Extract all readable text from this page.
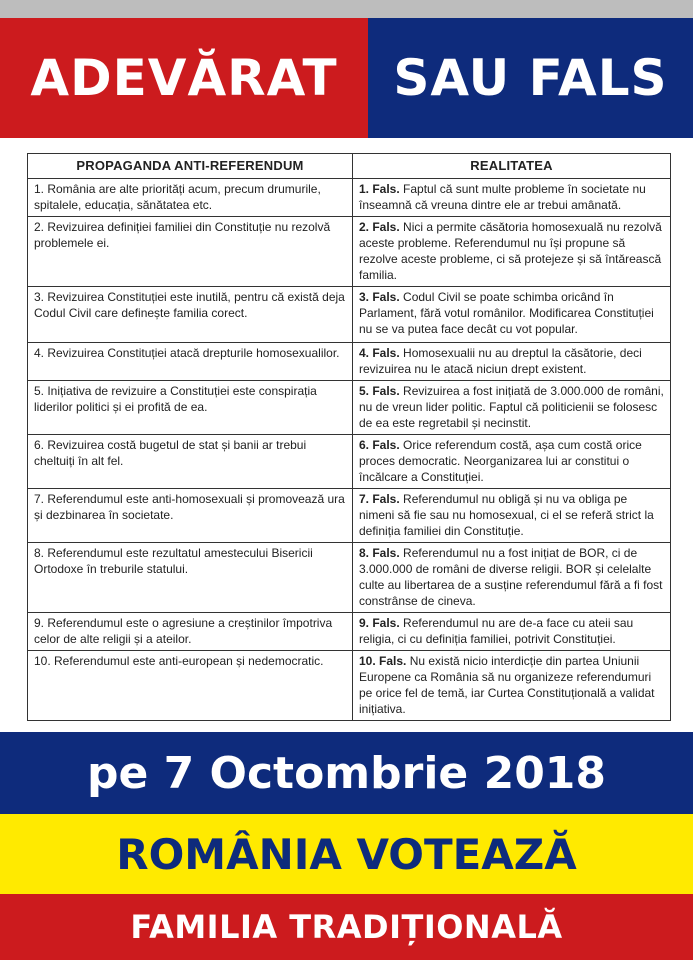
ADEVĂRAT	SAU FALS
PROPAGANDA ANTI-REFERENDUM	REALITATEA
1. România are alte priorități acum, precum drumurile, spitalele, educația, sănătatea etc.	1. Fals. Faptul că sunt multe probleme în societate nu înseamnă că vreuna dintre ele ar trebui amânată.
2. Revizuirea definiției familiei din Constituție nu rezolvă problemele ei.	2. Fals. Nici a permite căsătoria homosexuală nu rezolvă aceste probleme. Referendumul nu își propune să rezolve aceste probleme, ci să protejeze și să întărească familia.
3. Revizuirea Constituției este inutilă, pentru că există deja Codul Civil care definește familia corect.	3. Fals. Codul Civil se poate schimba oricând în Parlament, fără votul românilor. Modificarea Constituției nu se va putea face decât cu vot popular.
4. Revizuirea Constituției atacă drepturile homosexualilor.	4. Fals. Homosexualii nu au dreptul la căsătorie, deci revizuirea nu le atacă niciun drept existent.
5. Inițiativa de revizuire a Constituției este conspirația liderilor politici și ei profită de ea.	5. Fals. Revizuirea a fost inițiată de 3.000.000 de români, nu de vreun lider politic. Faptul că politicienii se folosesc de ea este regretabil și necinstit.
6. Revizuirea costă bugetul de stat și banii ar trebui cheltuiți în alt fel.	6. Fals. Orice referendum costă, așa cum costă orice proces democratic. Neorganizarea lui ar constitui o încălcare a Constituției.
7. Referendumul este anti-homosexuali și promovează ura și dezbinarea în societate.	7. Fals. Referendumul nu obligă și nu va obliga pe nimeni să fie sau nu homosexual, ci el se referă strict la definiția familiei din Constituție.
8. Referendumul este rezultatul amestecului Bisericii Ortodoxe în treburile statului.	8. Fals. Referendumul nu a fost inițiat de BOR, ci de 3.000.000 de români de diverse religii. BOR și celelalte culte au libertarea de a susține referendumul fără a fi fost constrânse de cineva.
9. Referendumul este o agresiune a creștinilor împotriva celor de alte religii și a ateilor.	9. Fals. Referendumul nu are de-a face cu ateii sau religia, ci cu definiția familiei, potrivit Constituției.
10. Referendumul este anti-european și nedemocratic.	10. Fals. Nu există nicio interdicție din partea Uniunii Europene ca România să nu organizeze referendumuri pe orice fel de temă, iar Curtea Constituțională a validat inițiativa.
pe 7 Octombrie 2018
ROMÂNIA VOTEAZĂ
FAMILIA TRADIȚIONALĂ
